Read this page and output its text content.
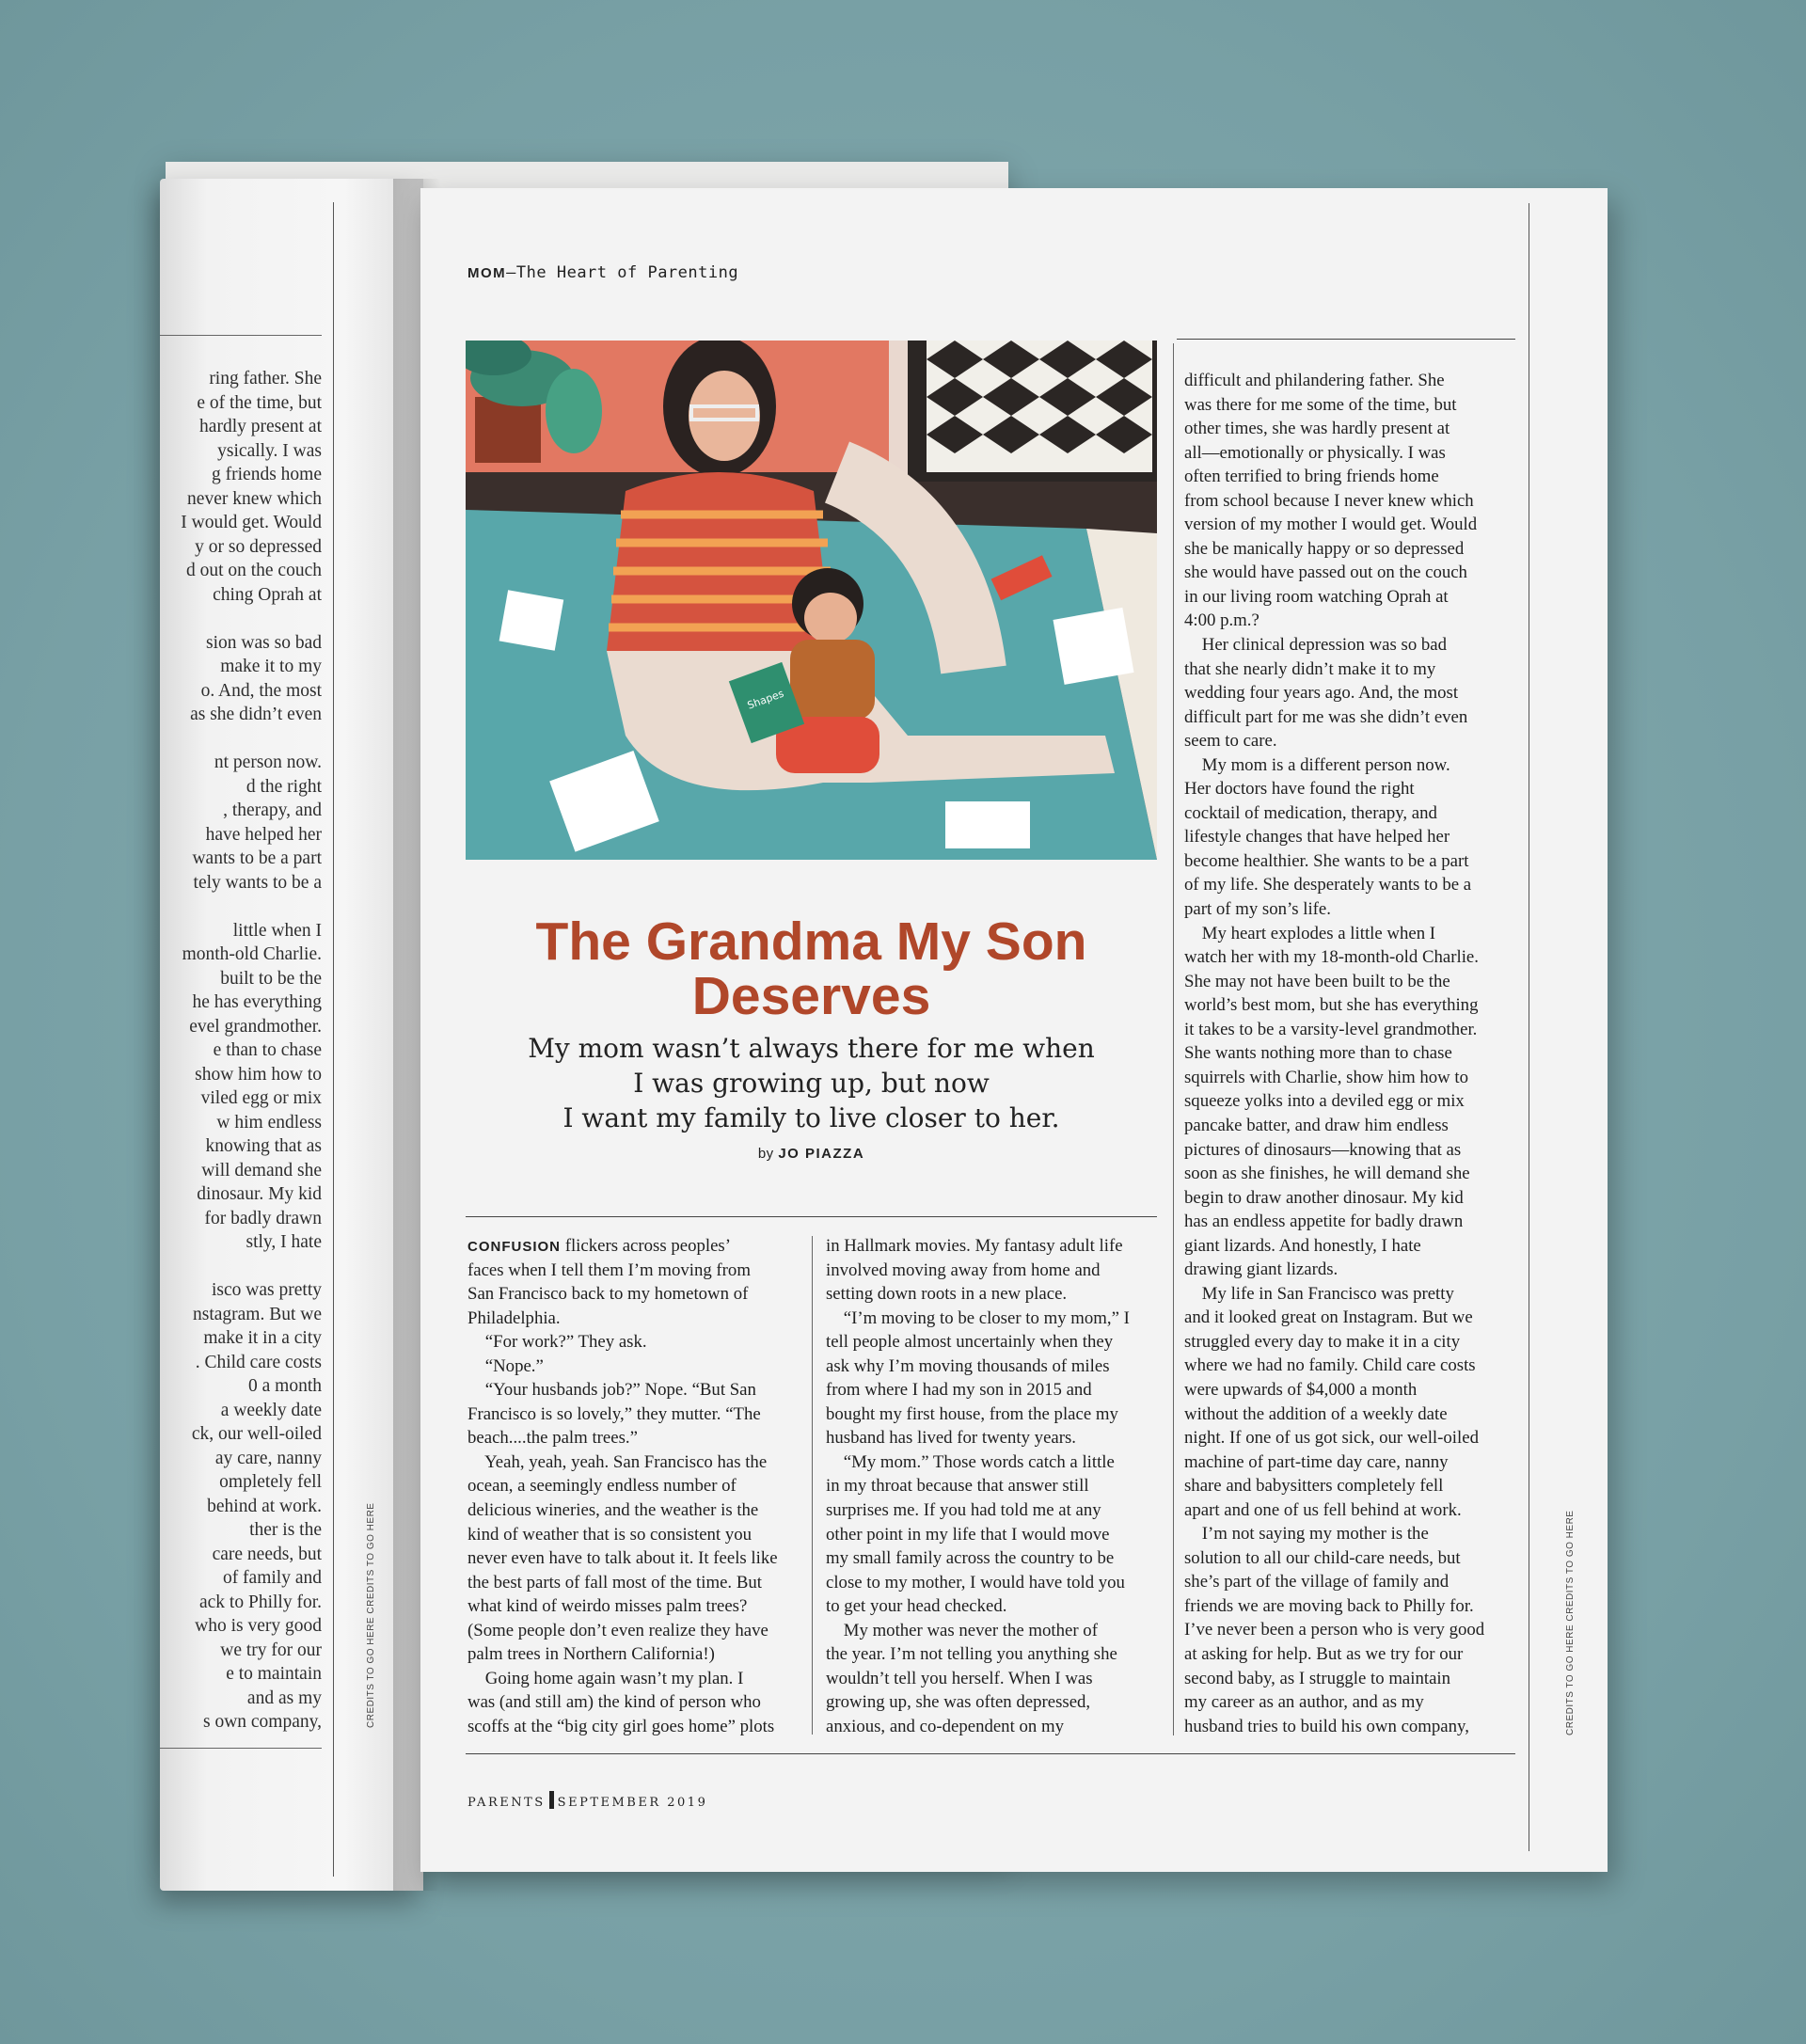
ring father. She
e of the time, but
hardly present at
ysically. I was
g friends home
never knew which
I would get. Would
y or so depressed
d out on the couch
ching Oprah at
sion was so bad
make it to my
o. And, the most
as she didn’t even
nt person now.
d the right
, therapy, and
have helped her
wants to be a part
tely wants to be a
little when I
month-old Charlie.
built to be the
he has everything
evel grandmother.
e than to chase
show him how to
viled egg or mix
w him endless
knowing that as
will demand she
dinosaur. My kid
for badly drawn
stly, I hate
isco was pretty
nstagram. But we
make it in a city
. Child care costs
0 a month
a weekly date
ck, our well-oiled
ay care, nanny
ompletely fell
behind at work.
ther is the
care needs, but
of family and
ack to Philly for.
who is very good
we try for our
e to maintain
and as my
s own company,	CREDITS TO GO HERE CREDITS TO GO HERE
MOM—The Heart of Parenting
Shapes
The Grandma My Son Deserves
My mom wasn’t always there for me when
I was growing up, but now
I want my family to live closer to her.
by JO PIAZZA
CONFUSION flickers across peoples’
faces when I tell them I’m moving from
San Francisco back to my hometown of
Philadelphia.
“For work?” They ask.
“Nope.”
“Your husbands job?” Nope. “But San
Francisco is so lovely,” they mutter. “The
beach....the palm trees.”
Yeah, yeah, yeah. San Francisco has the
ocean, a seemingly endless number of
delicious wineries, and the weather is the
kind of weather that is so consistent you
never even have to talk about it. It feels like
the best parts of fall most of the time. But
what kind of weirdo misses palm trees?
(Some people don’t even realize they have
palm trees in Northern California!)
Going home again wasn’t my plan. I
was (and still am) the kind of person who
scoffs at the “big city girl goes home” plots
in Hallmark movies. My fantasy adult life
involved moving away from home and
setting down roots in a new place.
“I’m moving to be closer to my mom,” I
tell people almost uncertainly when they
ask why I’m moving thousands of miles
from where I had my son in 2015 and
bought my first house, from the place my
husband has lived for twenty years.
“My mom.” Those words catch a little
in my throat because that answer still
surprises me. If you had told me at any
other point in my life that I would move
my small family across the country to be
close to my mother, I would have told you
to get your head checked.
My mother was never the mother of
the year. I’m not telling you anything she
wouldn’t tell you herself. When I was
growing up, she was often depressed,
anxious, and co-dependent on my
difficult and philandering father. She
was there for me some of the time, but
other times, she was hardly present at
all—emotionally or physically. I was
often terrified to bring friends home
from school because I never knew which
version of my mother I would get. Would
she be manically happy or so depressed
she would have passed out on the couch
in our living room watching Oprah at
4:00 p.m.?
Her clinical depression was so bad
that she nearly didn’t make it to my
wedding four years ago. And, the most
difficult part for me was she didn’t even
seem to care.
My mom is a different person now.
Her doctors have found the right
cocktail of medication, therapy, and
lifestyle changes that have helped her
become healthier. She wants to be a part
of my life. She desperately wants to be a
part of my son’s life.
My heart explodes a little when I
watch her with my 18-month-old Charlie.
She may not have been built to be the
world’s best mom, but she has everything
it takes to be a varsity-level grandmother.
She wants nothing more than to chase
squirrels with Charlie, show him how to
squeeze yolks into a deviled egg or mix
pancake batter, and draw him endless
pictures of dinosaurs—knowing that as
soon as she finishes, he will demand she
begin to draw another dinosaur. My kid
has an endless appetite for badly drawn
giant lizards. And honestly, I hate
drawing giant lizards.
My life in San Francisco was pretty
and it looked great on Instagram. But we
struggled every day to make it in a city
where we had no family. Child care costs
were upwards of $4,000 a month
without the addition of a weekly date
night. If one of us got sick, our well-oiled
machine of part-time day care, nanny
share and babysitters completely fell
apart and one of us fell behind at work.
I’m not saying my mother is the
solution to all our child-care needs, but
she’s part of the village of family and
friends we are moving back to Philly for.
I’ve never been a person who is very good
at asking for help. But as we try for our
second baby, as I struggle to maintain
my career as an author, and as my
husband tries to build his own company,
PARENTS SEPTEMBER 2019
CREDITS TO GO HERE CREDITS TO GO HERE
